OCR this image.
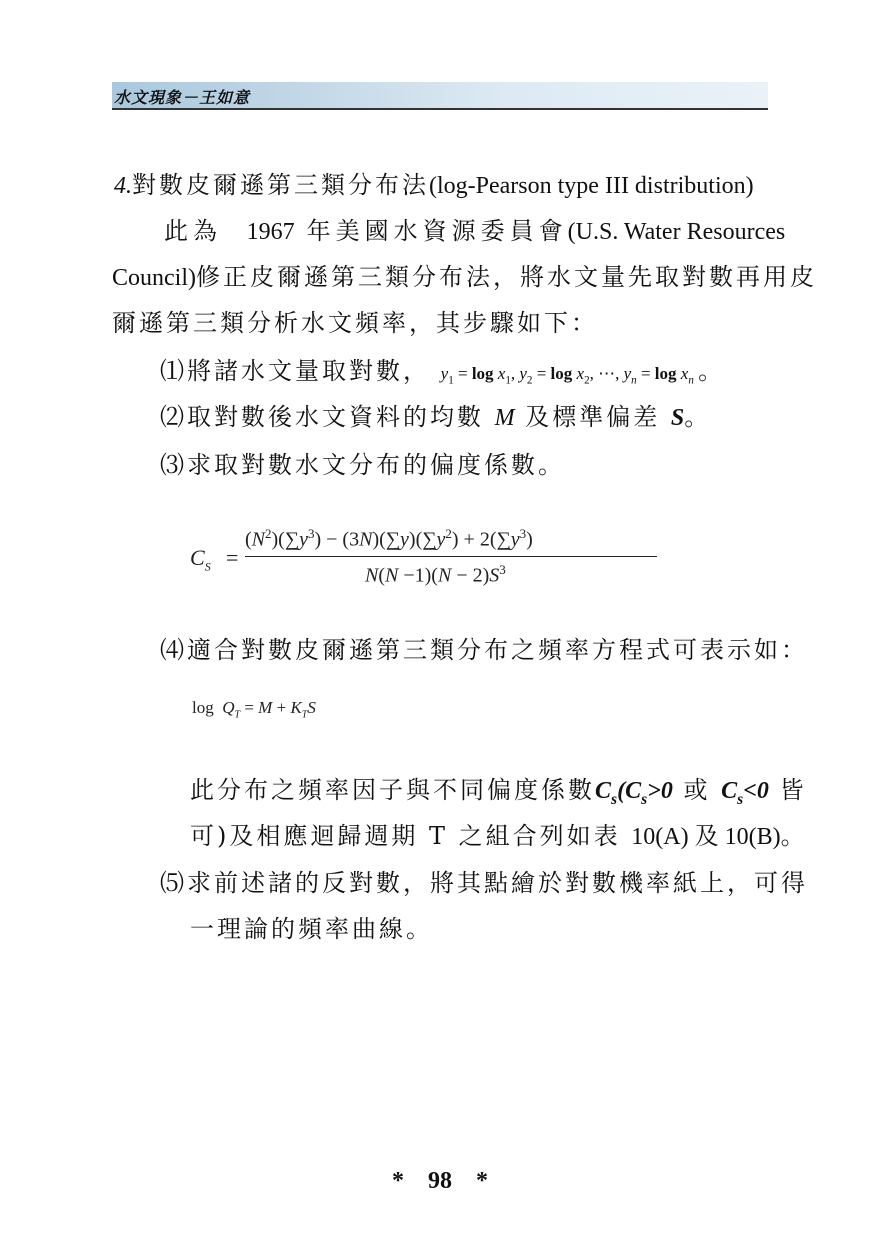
水文現象－王如意
4.對數皮爾遜第三類分布法(log-Pearson type III distribution)
此為 1967 年美國水資源委員會(U.S. Water Resources
Council)修正皮爾遜第三類分布法，將水文量先取對數再用皮
爾遜第三類分析水文頻率，其步驟如下：
⑴將諸水文量取對數， $y_1 = \log x_1$, $y_2 = \log x_2$, ⋯, $y_n = \log x_n$ 。
⑵取對數後水文資料的均數 M 及標準偏差 S。
⑶求取對數水文分布的偏度係數。
$C_S$ =
$(N^2)(\sum y^3) - (3N)(\sum y)(\sum y^2) + 2(\sum y^3)$
$N(N -1)(N - 2)S^3$
⑷適合對數皮爾遜第三類分布之頻率方程式可表示如：
$\log Q_T = M + K_TS$
此分布之頻率因子與不同偏度係數$C_s(C_s>0$ 或 $C_s<0$ 皆
可)及相應迴歸週期 T 之組合列如表 10(A) 及 10(B)。
⑸求前述諸的反對數，將其點繪於對數機率紙上，可得
一理論的頻率曲線。
*　98　*
